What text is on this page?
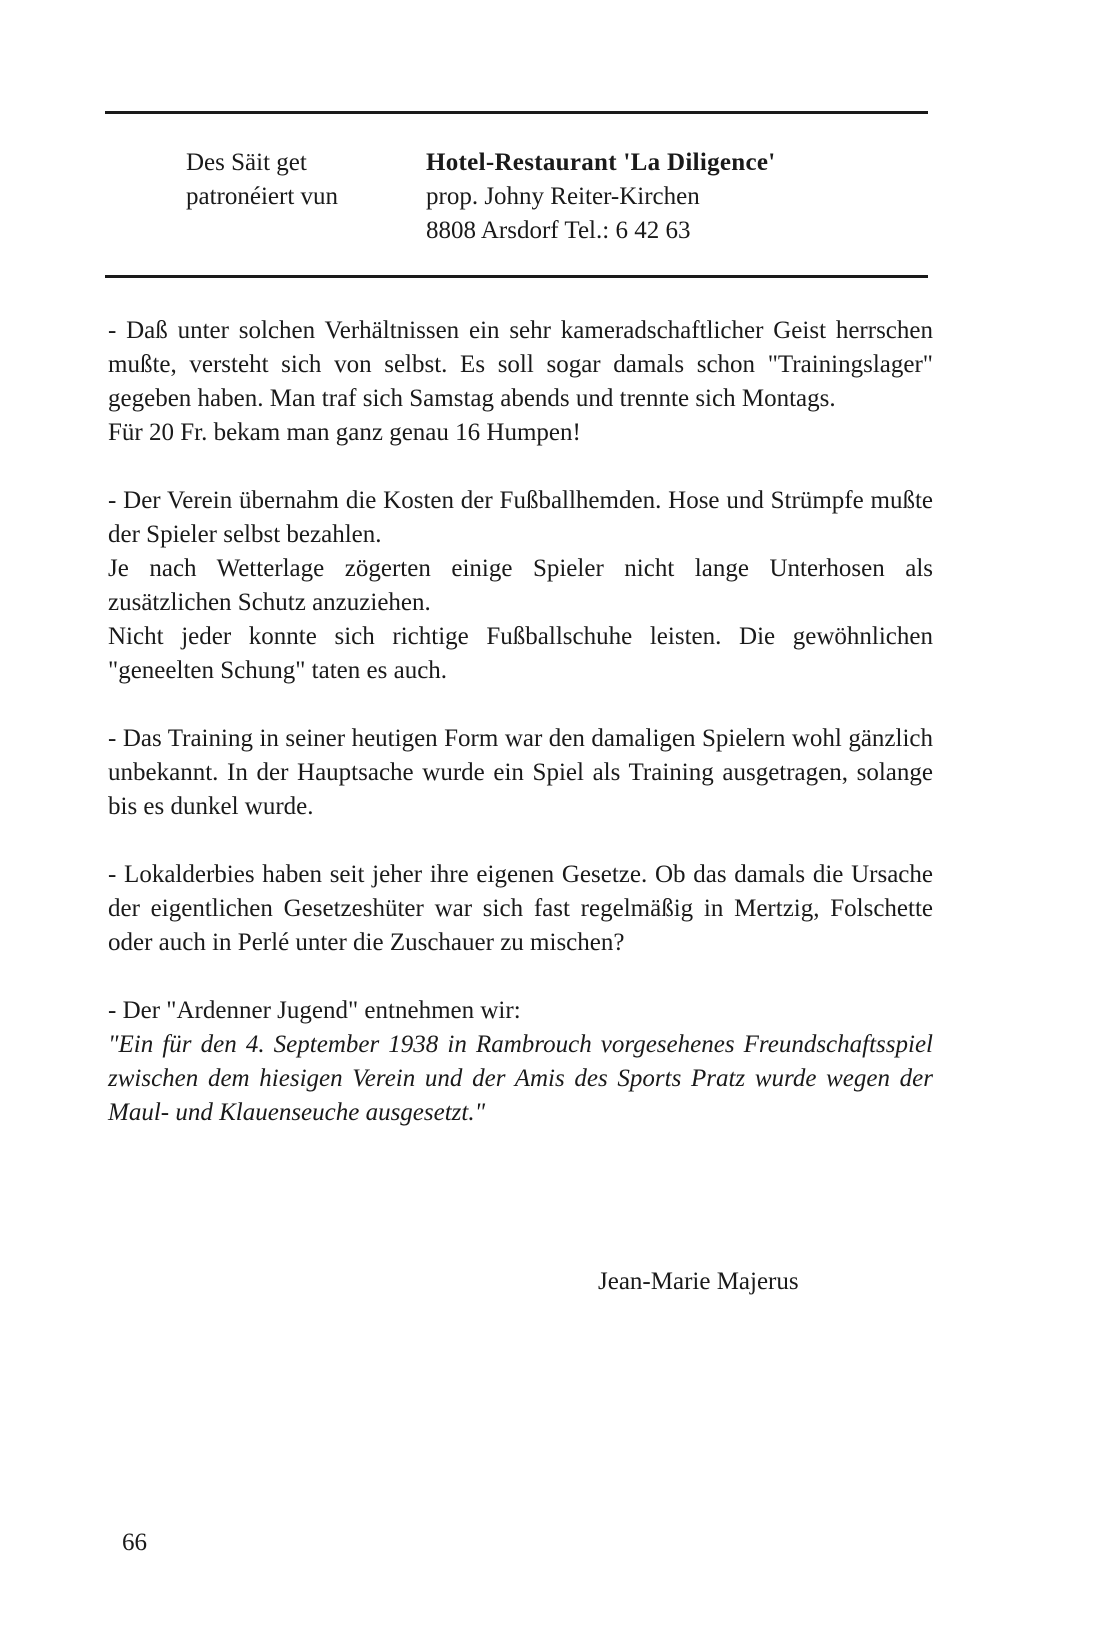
Des Säit get
patronéiert vun
Hotel-Restaurant 'La Diligence'
prop. Johny Reiter-Kirchen
8808 Arsdorf Tel.: 6 42 63

- Daß unter solchen Verhältnissen ein sehr kameradschaftlicher Geist herrschen mußte, versteht sich von selbst. Es soll sogar damals schon "Trainingslager" gegeben haben. Man traf sich Samstag abends und trennte sich Montags.

Für 20 Fr. bekam man ganz genau 16 Humpen!

- Der Verein übernahm die Kosten der Fußballhemden. Hose und Strümpfe mußte der Spieler selbst bezahlen.

Je nach Wetterlage zögerten einige Spieler nicht lange Unterhosen als zusätzlichen Schutz anzuziehen.

Nicht jeder konnte sich richtige Fußballschuhe leisten. Die gewöhnlichen "geneelten Schung" taten es auch.

- Das Training in seiner heutigen Form war den damaligen Spielern wohl gänzlich unbekannt. In der Hauptsache wurde ein Spiel als Training ausgetragen, solange bis es dunkel wurde.

- Lokalderbies haben seit jeher ihre eigenen Gesetze. Ob das damals die Ursache der eigentlichen Gesetzeshüter war sich fast regelmäßig in Mertzig, Folschette oder auch in Perlé unter die Zuschauer zu mischen?

- Der "Ardenner Jugend" entnehmen wir:

"Ein für den 4. September 1938 in Rambrouch vorgesehenes Freundschaftsspiel zwischen dem hiesigen Verein und der Amis des Sports Pratz wurde wegen der Maul- und Klauenseuche ausgesetzt."

Jean-Marie Majerus
66
